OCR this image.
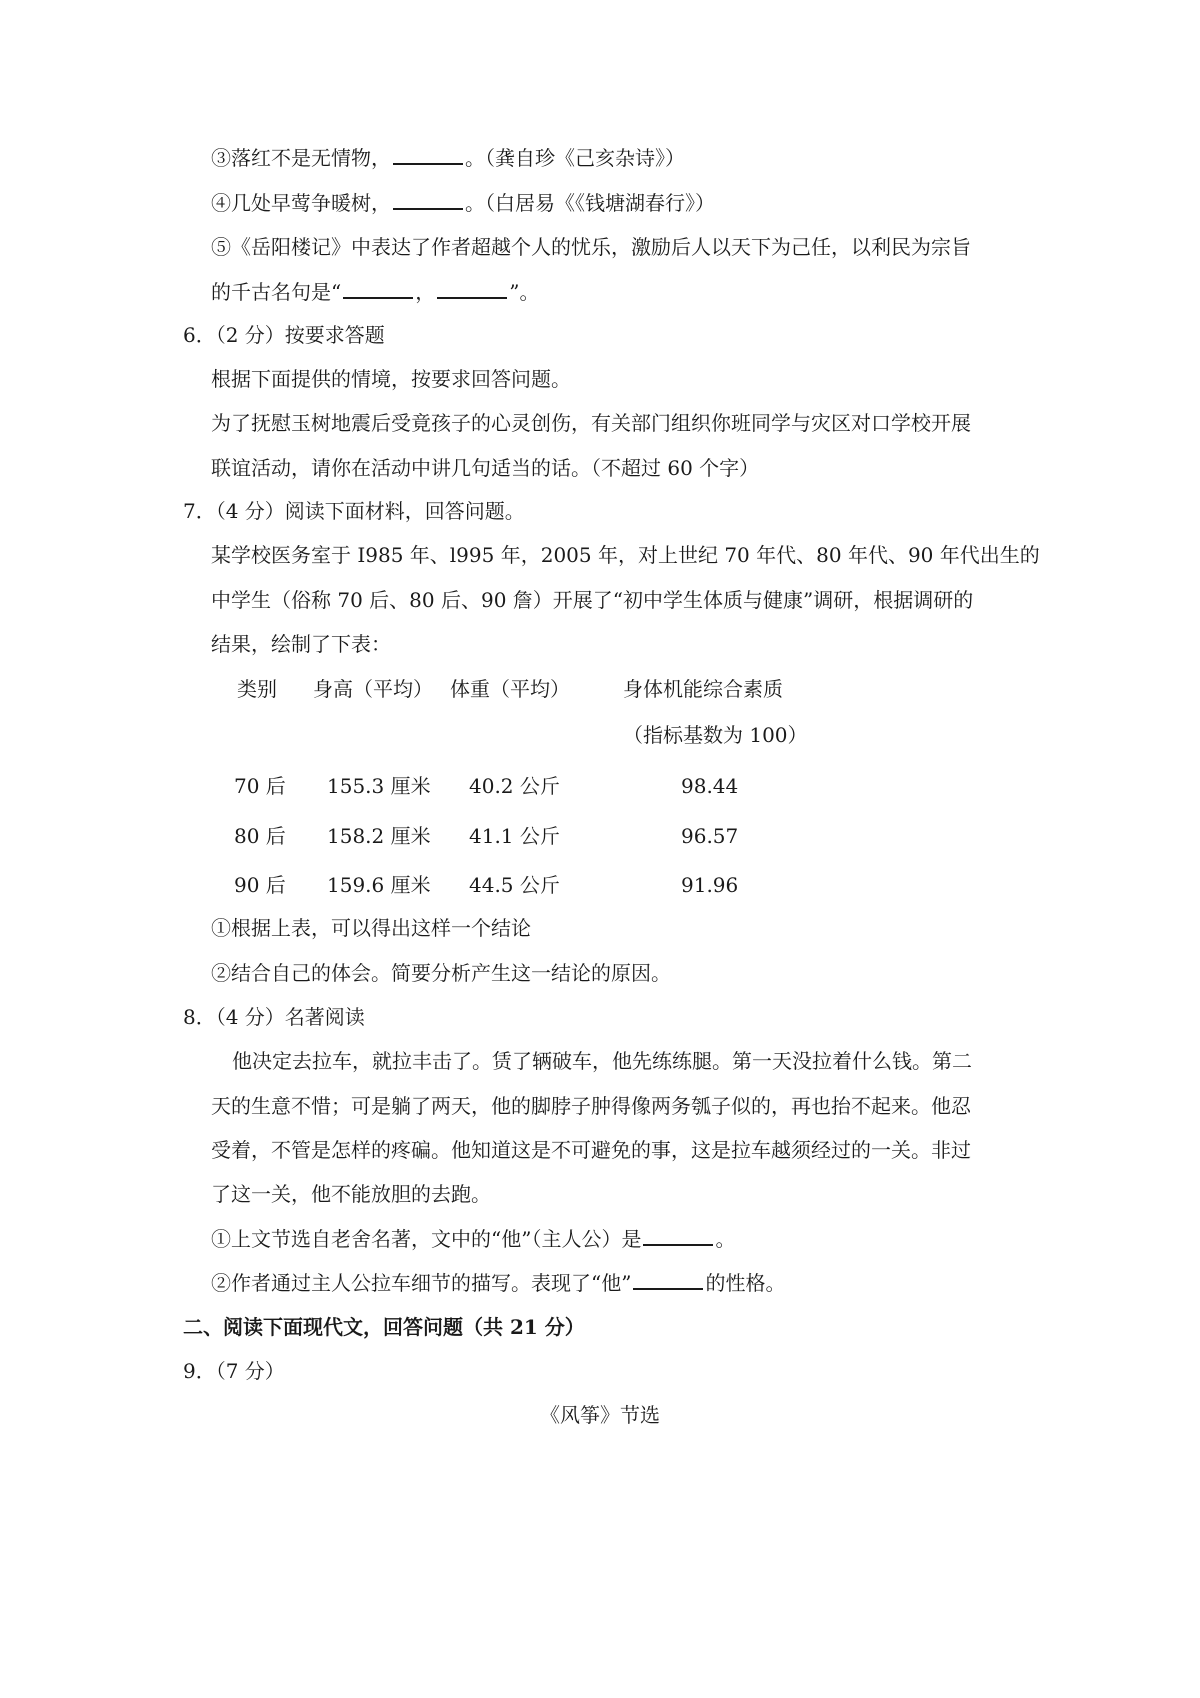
③落红不是无情物，	。（龚自珍《己亥杂诗》）
④几处早莺争暖树，	。（白居易《《钱塘湖春行》）
⑤《岳阳楼记》中表达了作者超越个人的忧乐，激励后人以天下为己任，以利民为宗旨
的千古名句是“	，	”。
6．（2 分）按要求答题
根据下面提供的情境，按要求回答问题。
为了抚慰玉树地震后受竟孩子的心灵创伤，有关部门组织你班同学与灾区对口学校开展
联谊活动，请你在活动中讲几句适当的话。（不超过 60 个字）
7．（4 分）阅读下面材料，回答问题。
某学校医务室于 I985 年、l995 年，2005 年，对上世纪 70 年代、80 年代、90 年代出生的
中学生（俗称 70 后、80 后、90 詹）开展了“初中学生体质与健康”调研，根据调研的
结果，绘制了下表：
类别 身高（平均） 体重（平均）	身体机能综合素质
（指标基数为 100）
70 后 155.3 厘米 40.2 公斤	98.44
80 后 158.2 厘米 41.1 公斤	96.57
90 后 159.6 厘米 44.5 公斤	91.96
①根据上表，可以得出这样一个结论
②结合自己的体会。简要分析产生这一结论的原因。
8．（4 分）名著阅读
他决定去拉车，就拉丰击了。赁了辆破车，他先练练腿。第一天没拉着什么钱。第二
天的生意不惜；可是躺了两天，他的脚脖子肿得像两务瓠子似的，再也抬不起来。他忍
受着，不管是怎样的疼碥。他知道这是不可避免的事，这是拉车越须经过的一关。非过
了这一关，他不能放胆的去跑。
①上文节选自老舍名著，文中的“他”（主人公）是	。
②作者通过主人公拉车细节的描写。表现了“他”	的性格。
二、阅读下面现代文，回答问题（共 21 分）
9．（7 分）
《风筝》节选
